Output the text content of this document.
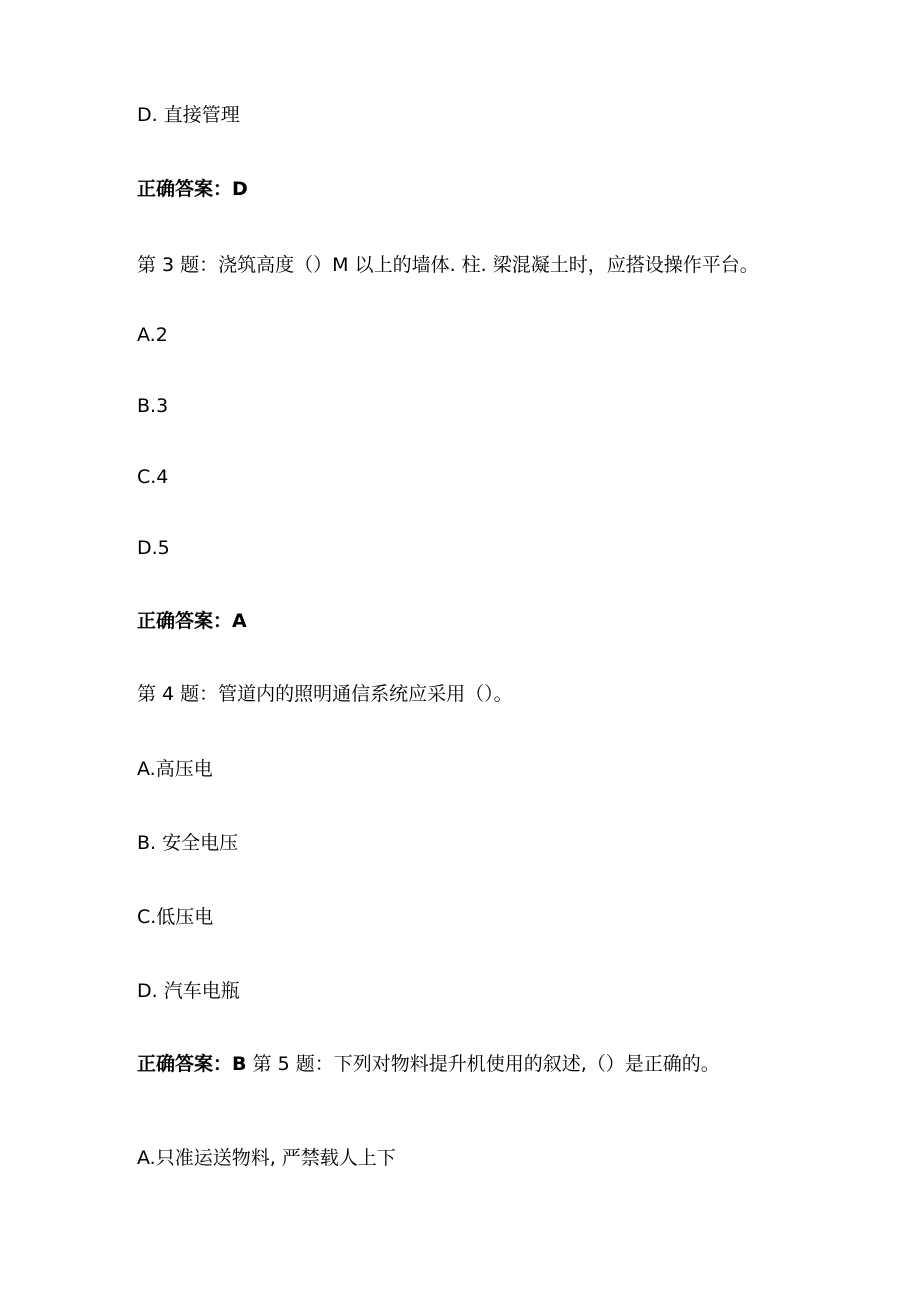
D. 直接管理
正确答案：D
第 3 题：浇筑高度（）M 以上的墙体. 柱. 梁混凝土时，应搭设操作平台。
A.2
B.3
C.4
D.5
正确答案：A
第 4 题：管道内的照明通信系统应采用（）。
A.高压电
B. 安全电压
C.低压电
D. 汽车电瓶
正确答案：B 第 5 题：下列对物料提升机使用的叙述,（）是正确的。
A.只准运送物料, 严禁载人上下
